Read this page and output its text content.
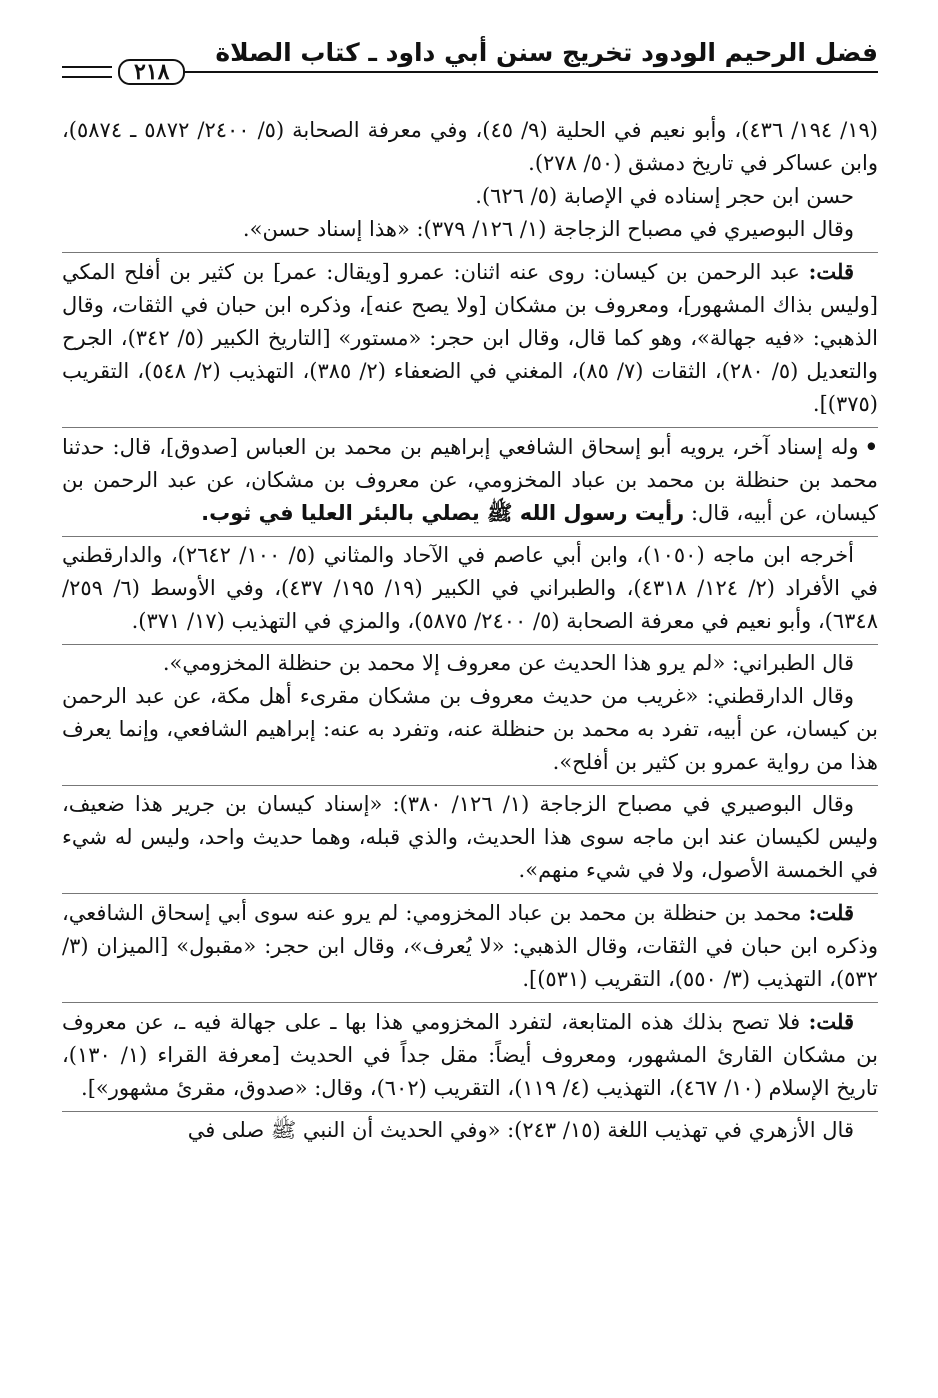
فضل الرحيم الودود تخريج سنن أبي داود ـ كتاب الصلاة
٢١٨

(١٩/ ١٩٤/ ٤٣٦)، وأبو نعيم في الحلية (٩/ ٤٥)، وفي معرفة الصحابة (٥/ ٢٤٠٠/ ٥٨٧٢ ـ ٥٨٧٤)، وابن عساكر في تاريخ دمشق (٥٠/ ٢٧٨).

حسن ابن حجر إسناده في الإصابة (٥/ ٦٢٦).

وقال البوصيري في مصباح الزجاجة (١/ ١٢٦/ ٣٧٩): «هذا إسناد حسن».

قلت: عبد الرحمن بن كيسان: روى عنه اثنان: عمرو [ويقال: عمر] بن كثير بن أفلح المكي [وليس بذاك المشهور]، ومعروف بن مشكان [ولا يصح عنه]، وذكره ابن حبان في الثقات، وقال الذهبي: «فيه جهالة»، وهو كما قال، وقال ابن حجر: «مستور» [التاريخ الكبير (٥/ ٣٤٢)، الجرح والتعديل (٥/ ٢٨٠)، الثقات (٧/ ٨٥)، المغني في الضعفاء (٢/ ٣٨٥)، التهذيب (٢/ ٥٤٨)، التقريب (٣٧٥)].

•وله إسناد آخر، يرويه أبو إسحاق الشافعي إبراهيم بن محمد بن العباس [صدوق]، قال: حدثنا محمد بن حنظلة بن محمد بن عباد المخزومي، عن معروف بن مشكان، عن عبد الرحمن بن كيسان، عن أبيه، قال: رأيت رسول الله ﷺ يصلي بالبئر العليا في ثوب.

أخرجه ابن ماجه (١٠٥٠)، وابن أبي عاصم في الآحاد والمثاني (٥/ ١٠٠/ ٢٦٤٢)، والدارقطني في الأفراد (٢/ ١٢٤/ ٤٣١٨)، والطبراني في الكبير (١٩/ ١٩٥/ ٤٣٧)، وفي الأوسط (٦/ ٢٥٩/ ٦٣٤٨)، وأبو نعيم في معرفة الصحابة (٥/ ٢٤٠٠/ ٥٨٧٥)، والمزي في التهذيب (١٧/ ٣٧١).

قال الطبراني: «لم يرو هذا الحديث عن معروف إلا محمد بن حنظلة المخزومي».

وقال الدارقطني: «غريب من حديث معروف بن مشكان مقرىء أهل مكة، عن عبد الرحمن بن كيسان، عن أبيه، تفرد به محمد بن حنظلة عنه، وتفرد به عنه: إبراهيم الشافعي، وإنما يعرف هذا من رواية عمرو بن كثير بن أفلح».

وقال البوصيري في مصباح الزجاجة (١/ ١٢٦/ ٣٨٠): «إسناد كيسان بن جرير هذا ضعيف، وليس لكيسان عند ابن ماجه سوى هذا الحديث، والذي قبله، وهما حديث واحد، وليس له شيء في الخمسة الأصول، ولا في شيء منهم».

قلت: محمد بن حنظلة بن محمد بن عباد المخزومي: لم يرو عنه سوى أبي إسحاق الشافعي، وذكره ابن حبان في الثقات، وقال الذهبي: «لا يُعرف»، وقال ابن حجر: «مقبول» [الميزان (٣/ ٥٣٢)، التهذيب (٣/ ٥٥٠)، التقريب (٥٣١)].

قلت: فلا تصح بذلك هذه المتابعة، لتفرد المخزومي هذا بها ـ على جهالة فيه ـ، عن معروف بن مشكان القارئ المشهور، ومعروف أيضاً: مقل جداً في الحديث [معرفة القراء (١/ ١٣٠)، تاريخ الإسلام (١٠/ ٤٦٧)، التهذيب (٤/ ١١٩)، التقريب (٦٠٢)، وقال: «صدوق، مقرئ مشهور»].

قال الأزهري في تهذيب اللغة (١٥/ ٢٤٣): «وفي الحديث أن النبي ﷺ صلى في
